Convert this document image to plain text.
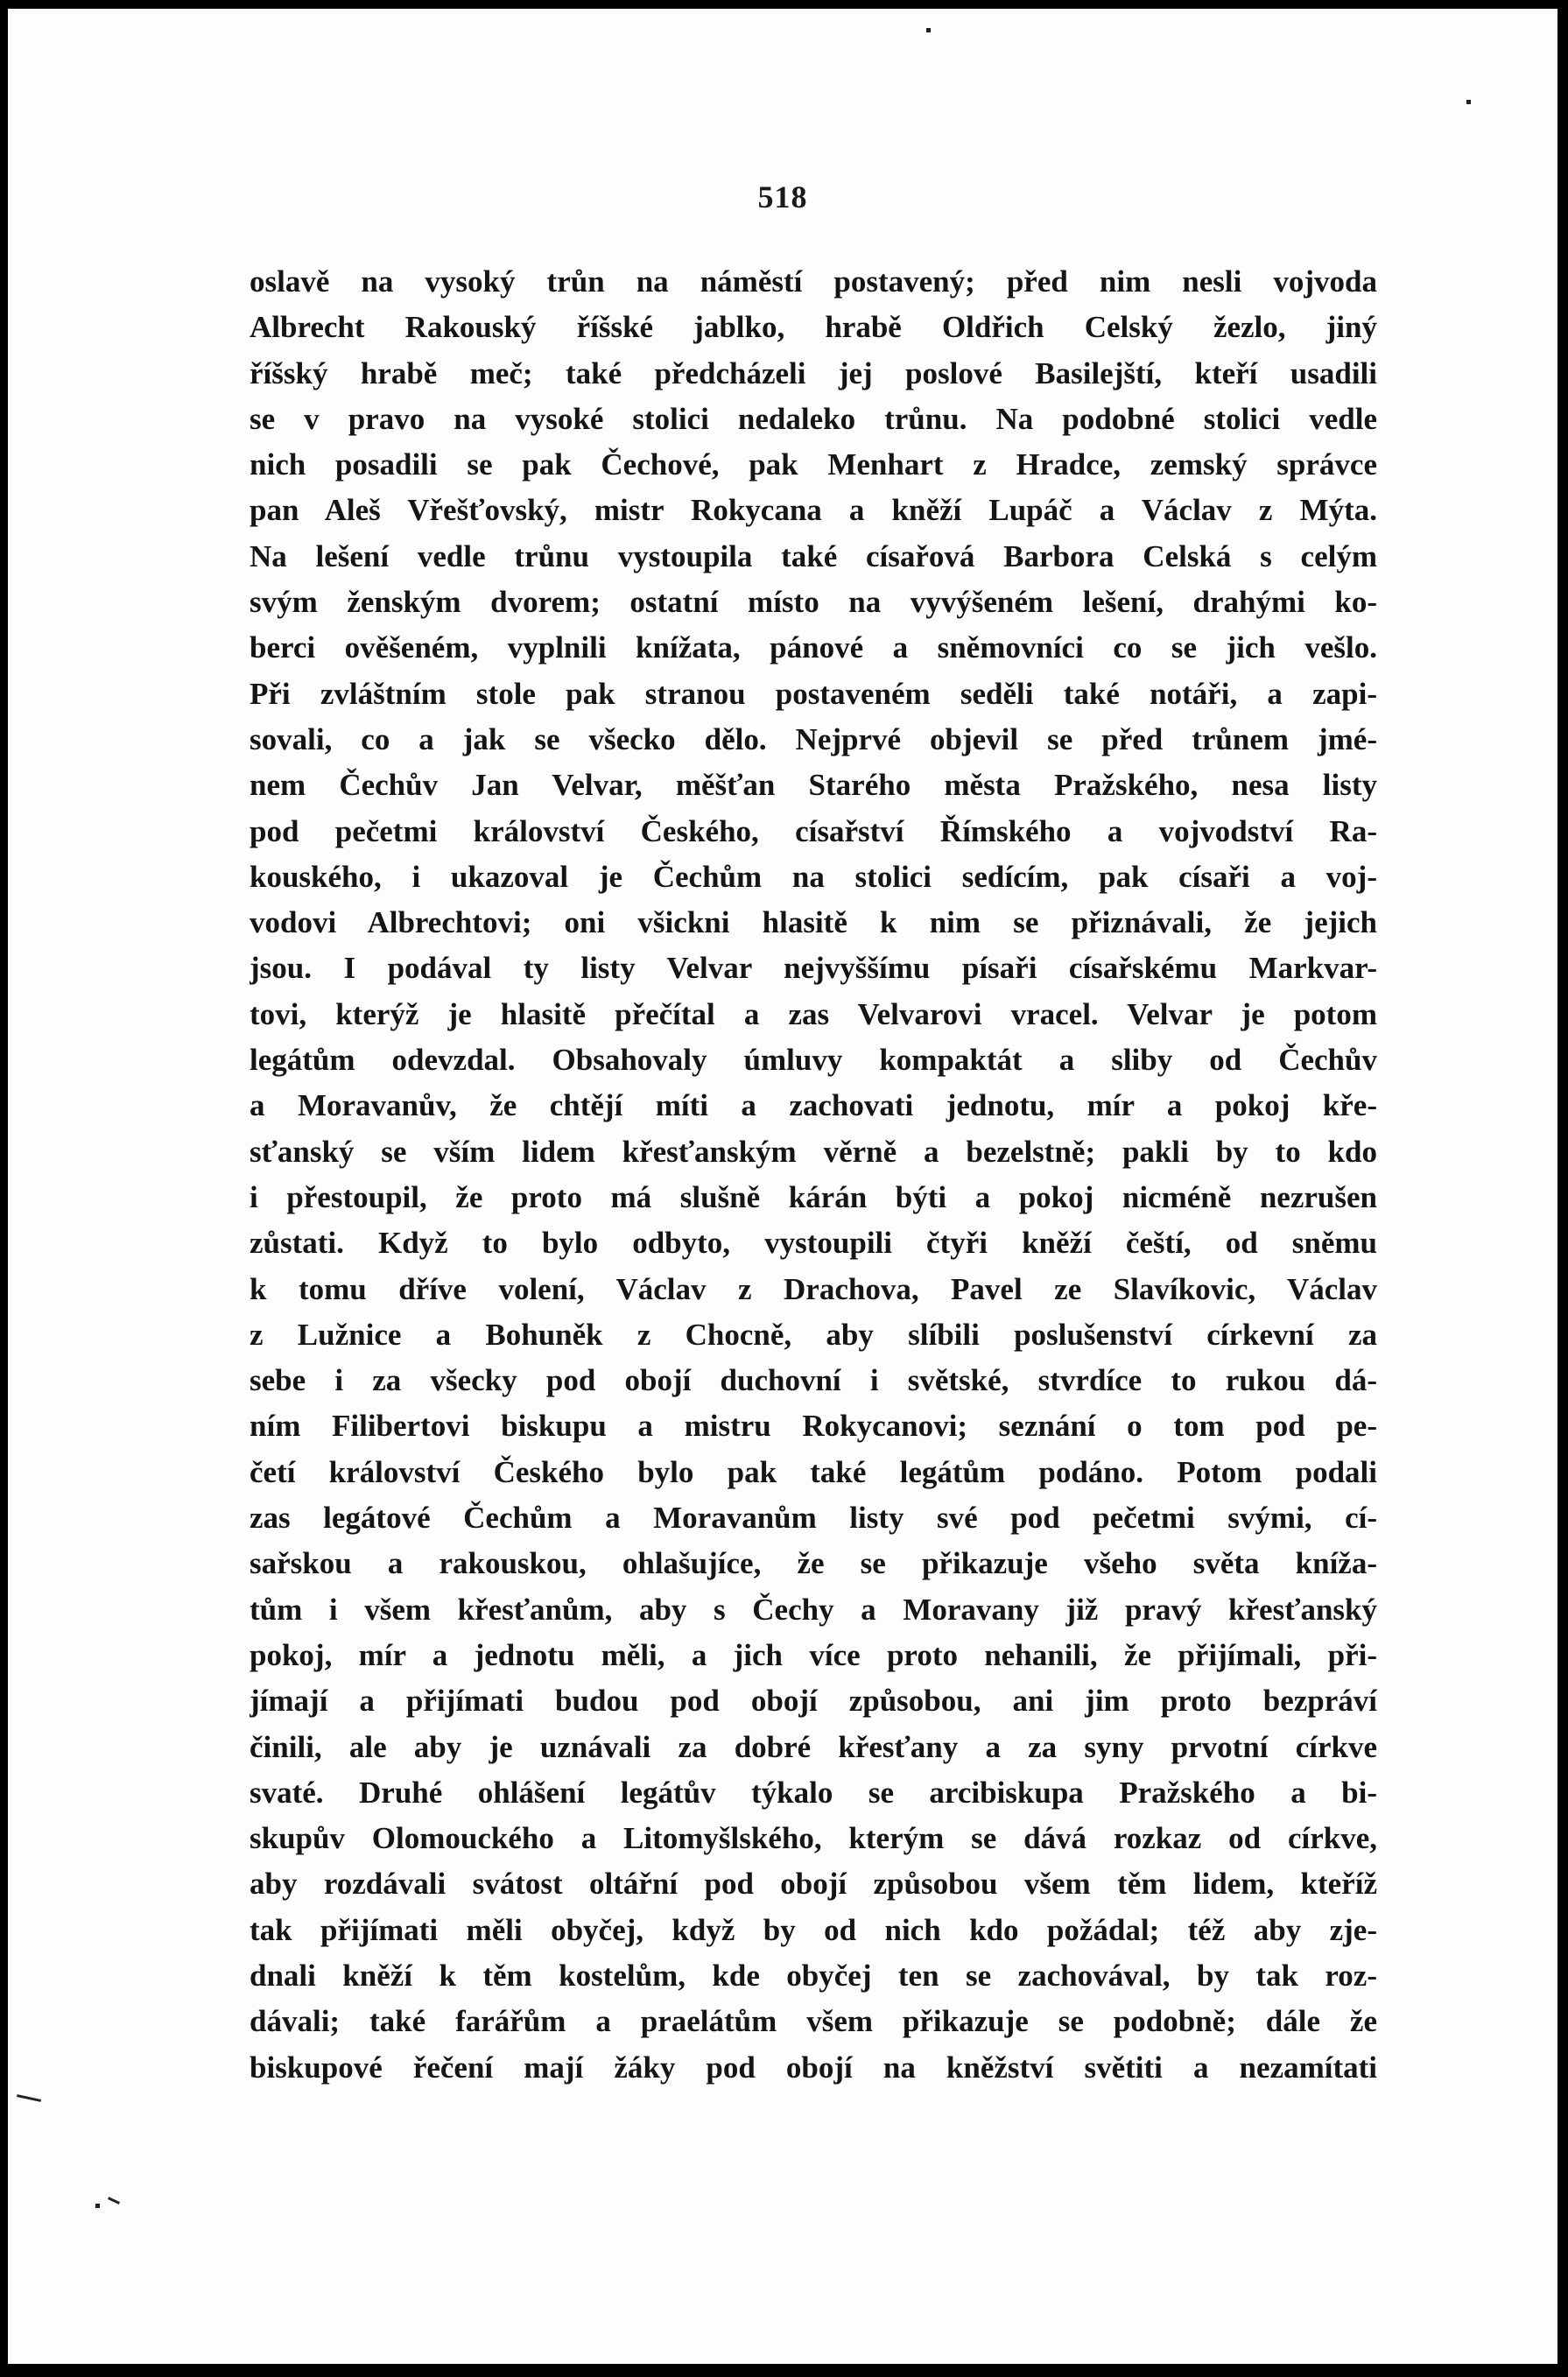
518
oslavě na vysoký trůn na náměstí postavený; před nim nesli vojvoda
Albrecht Rakouský říšské jablko, hrabě Oldřich Celský žezlo, jiný
říšský hrabě meč; také předcházeli jej poslové Basilejští, kteří usadili
se v pravo na vysoké stolici nedaleko trůnu. Na podobné stolici vedle
nich posadili se pak Čechové, pak Menhart z Hradce, zemský správce
pan Aleš Vřešťovský, mistr Rokycana a kněží Lupáč a Václav z Mýta.
Na lešení vedle trůnu vystoupila také císařová Barbora Celská s celým
svým ženským dvorem; ostatní místo na vyvýšeném lešení, drahými ko-
berci ověšeném, vyplnili knížata, pánové a sněmovníci co se jich vešlo.
Při zvláštním stole pak stranou postaveném seděli také notáři, a zapi-
sovali, co a jak se všecko dělo. Nejprvé objevil se před trůnem jmé-
nem Čechův Jan Velvar, měšťan Starého města Pražského, nesa listy
pod pečetmi království Českého, císařství Římského a vojvodství Ra-
kouského, i ukazoval je Čechům na stolici sedícím, pak císaři a voj-
vodovi Albrechtovi; oni všickni hlasitě k nim se přiznávali, že jejich
jsou. I podával ty listy Velvar nejvyššímu písaři císařskému Markvar-
tovi, kterýž je hlasitě přečítal a zas Velvarovi vracel. Velvar je potom
legátům odevzdal. Obsahovaly úmluvy kompaktát a sliby od Čechův
a Moravanův, že chtějí míti a zachovati jednotu, mír a pokoj kře-
sťanský se vším lidem křesťanským věrně a bezelstně; pakli by to kdo
i přestoupil, že proto má slušně kárán býti a pokoj nicméně nezrušen
zůstati. Když to bylo odbyto, vystoupili čtyři kněží čeští, od sněmu
k tomu dříve volení, Václav z Drachova, Pavel ze Slavíkovic, Václav
z Lužnice a Bohuněk z Chocně, aby slíbili poslušenství církevní za
sebe i za všecky pod obojí duchovní i světské, stvrdíce to rukou dá-
ním Filibertovi biskupu a mistru Rokycanovi; seznání o tom pod pe-
četí království Českého bylo pak také legátům podáno. Potom podali
zas legátové Čechům a Moravanům listy své pod pečetmi svými, cí-
sařskou a rakouskou, ohlašujíce, že se přikazuje všeho světa kníža-
tům i všem křesťanům, aby s Čechy a Moravany již pravý křesťanský
pokoj, mír a jednotu měli, a jich více proto nehanili, že přijímali, při-
jímají a přijímati budou pod obojí způsobou, ani jim proto bezpráví
činili, ale aby je uznávali za dobré křesťany a za syny prvotní církve
svaté. Druhé ohlášení legátův týkalo se arcibiskupa Pražského a bi-
skupův Olomouckého a Litomyšlského, kterým se dává rozkaz od církve,
aby rozdávali svátost oltářní pod obojí způsobou všem těm lidem, kteříž
tak přijímati měli obyčej, když by od nich kdo požádal; též aby zje-
dnali kněží k těm kostelům, kde obyčej ten se zachovával, by tak roz-
dávali; také farářům a praelátům všem přikazuje se podobně; dále že
biskupové řečení mají žáky pod obojí na kněžství světiti a nezamítati
